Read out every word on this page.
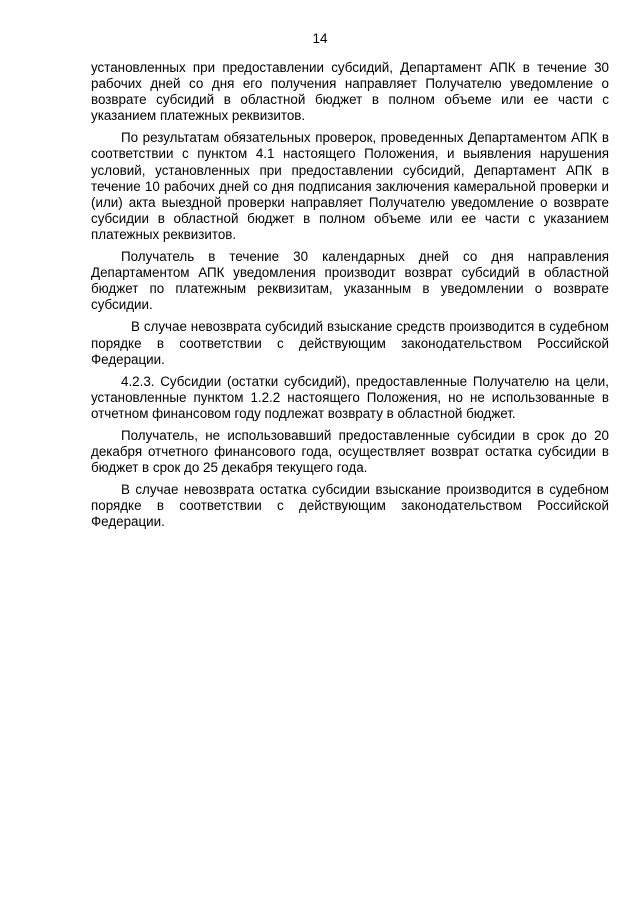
14

установленных при предоставлении субсидий, Департамент АПК в течение 30 рабочих дней со дня его получения направляет Получателю уведомление о возврате субсидий в областной бюджет в полном объеме или ее части с указанием платежных реквизитов.

По результатам обязательных проверок, проведенных Департаментом АПК в соответствии с пунктом 4.1 настоящего Положения, и выявления нарушения условий, установленных при предоставлении субсидий, Департамент АПК в течение 10 рабочих дней со дня подписания заключения камеральной проверки и (или) акта выездной проверки направляет Получателю уведомление о возврате субсидии в областной бюджет в полном объеме или ее части с указанием платежных реквизитов.

Получатель в течение 30 календарных дней со дня направления Департаментом АПК уведомления производит возврат субсидий в областной бюджет по платежным реквизитам, указанным в уведомлении о возврате субсидии.

В случае невозврата субсидий взыскание средств производится в судебном порядке в соответствии с действующим законодательством Российской Федерации.

4.2.3. Субсидии (остатки субсидий), предоставленные Получателю на цели, установленные пунктом 1.2.2 настоящего Положения, но не использованные в отчетном финансовом году подлежат возврату в областной бюджет.

Получатель, не использовавший предоставленные субсидии в срок до 20 декабря отчетного финансового года, осуществляет возврат остатка субсидии в бюджет в срок до 25 декабря текущего года.

В случае невозврата остатка субсидии взыскание производится в судебном порядке в соответствии с действующим законодательством Российской Федерации.
